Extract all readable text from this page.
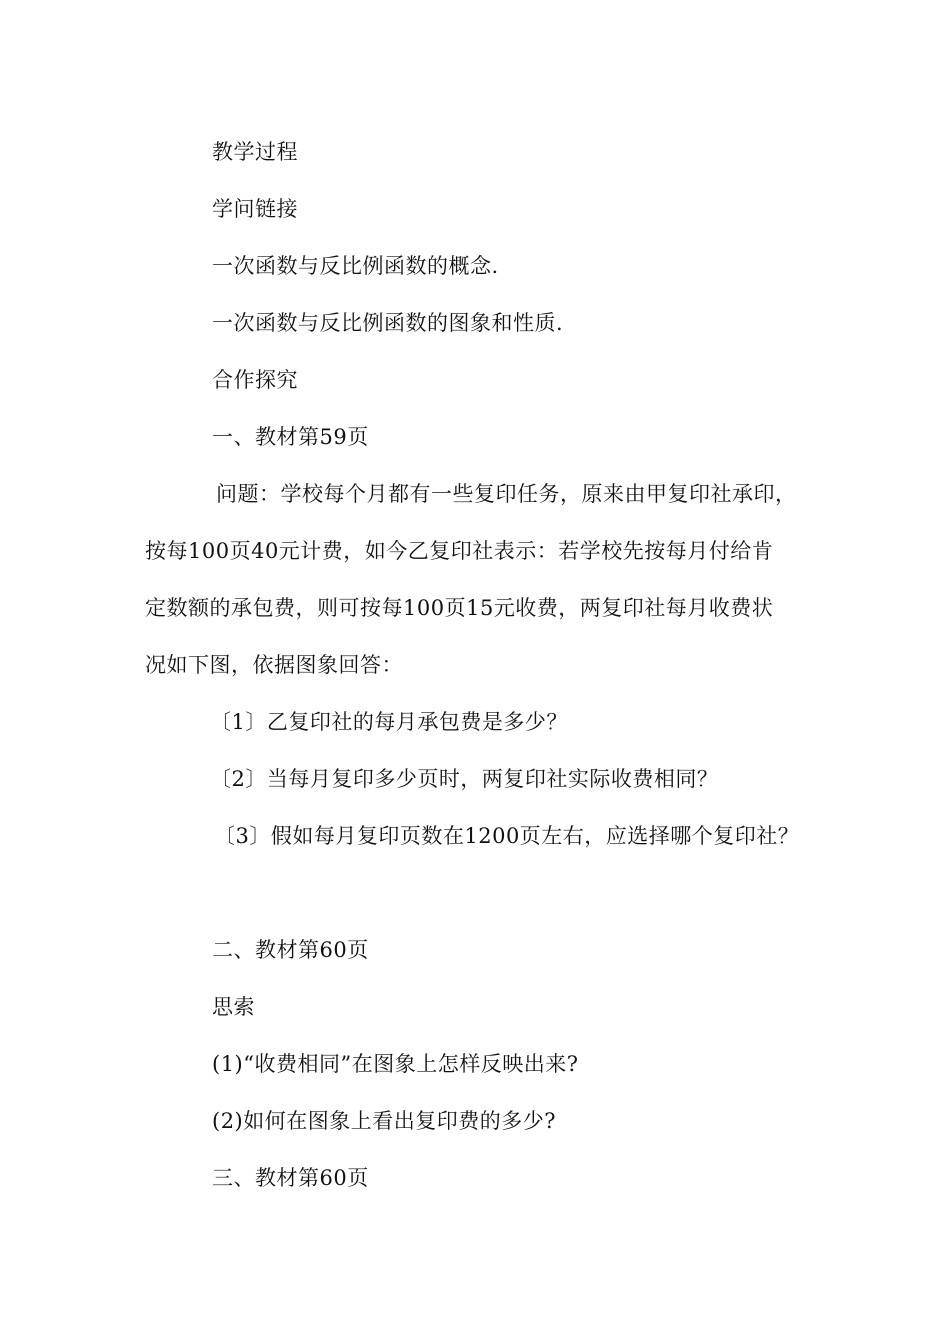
教学过程
学问链接
一次函数与反比例函数的概念.
一次函数与反比例函数的图象和性质.
合作探究
一、教材第59页
问题：学校每个月都有一些复印任务，原来由甲复印社承印，
按每100页40元计费，如今乙复印社表示：若学校先按每月付给肯
定数额的承包费，则可按每100页15元收费，两复印社每月收费状
况如下图，依据图象回答：
〔1〕乙复印社的每月承包费是多少？
〔2〕当每月复印多少页时，两复印社实际收费相同？
〔3〕假如每月复印页数在1200页左右，应选择哪个复印社？
二、教材第60页
思索
(1)“收费相同”在图象上怎样反映出来?
(2)如何在图象上看出复印费的多少?
三、教材第60页
